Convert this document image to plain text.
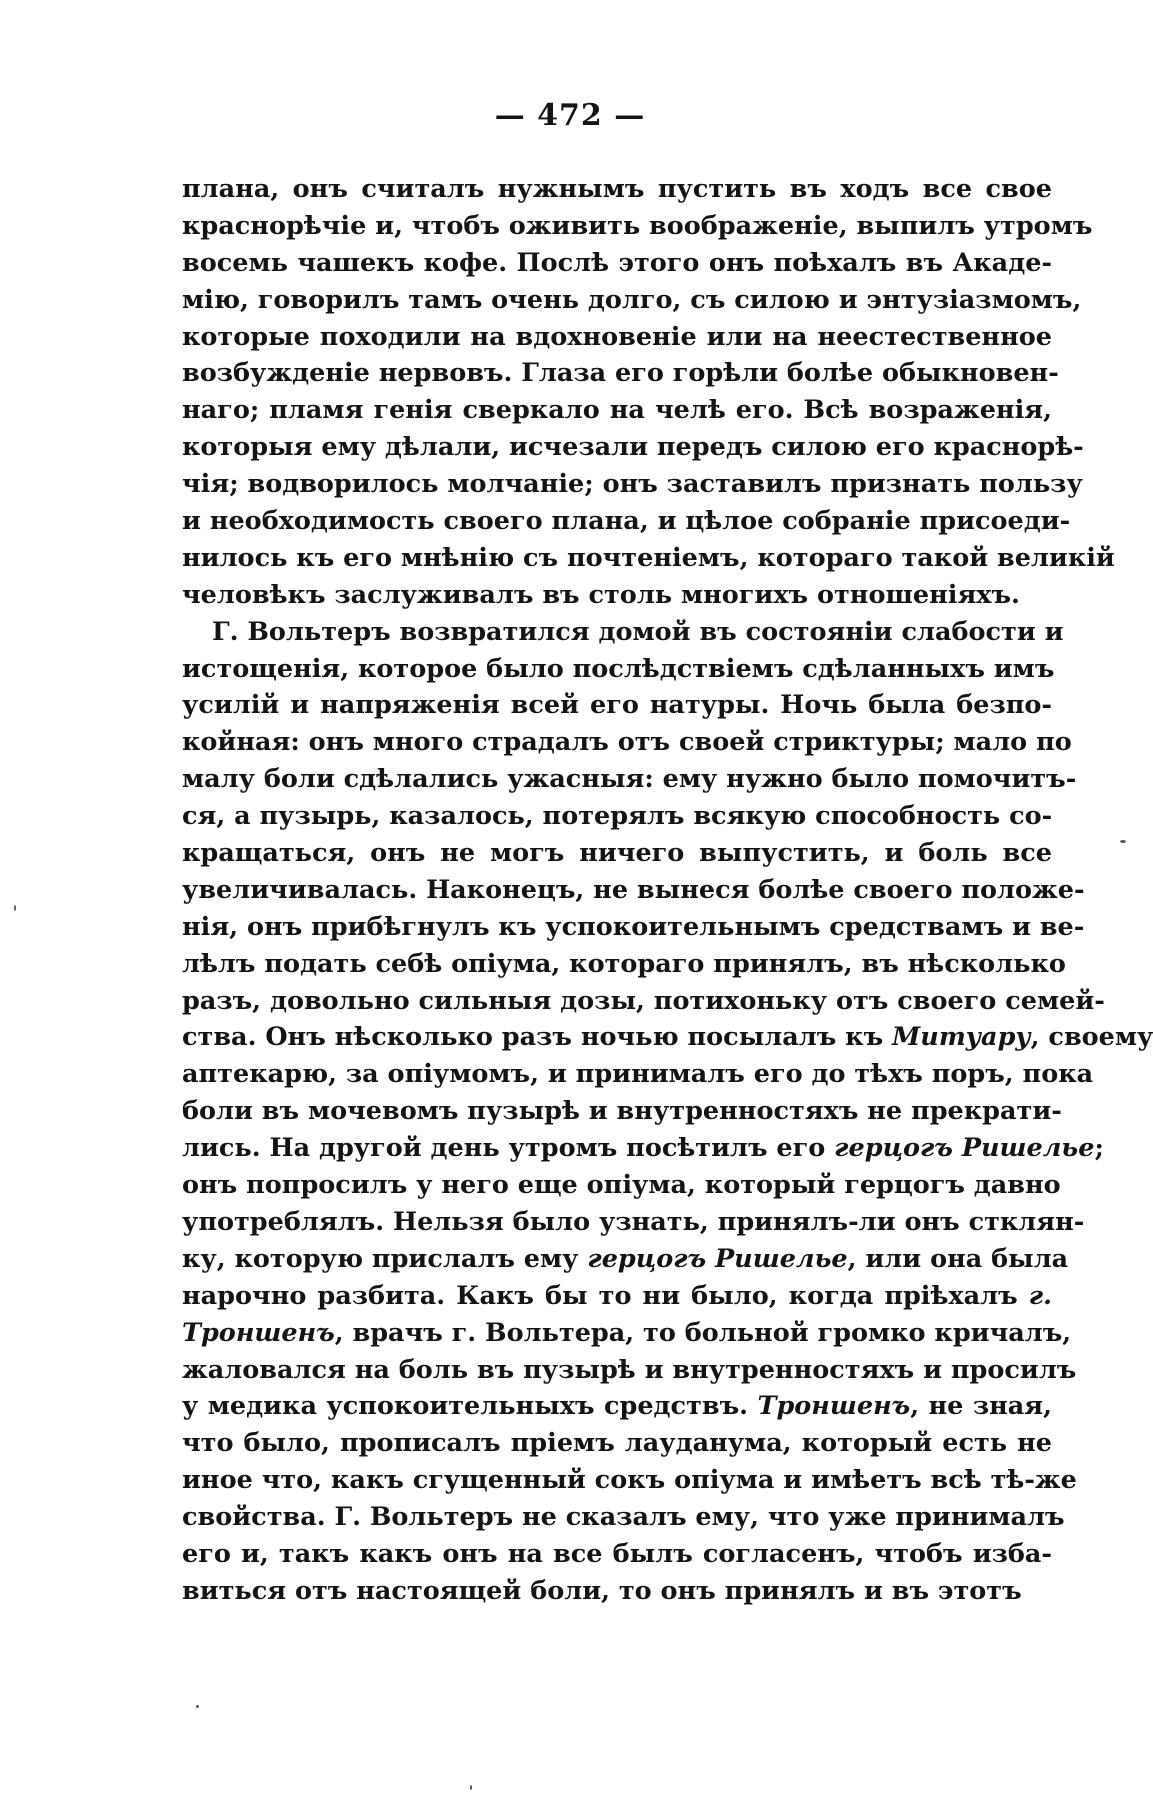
— 472 —
плана, онъ считалъ нужнымъ пустить въ ходъ все свое
краснорѣчіе и, чтобъ оживить воображеніе, выпилъ утромъ
восемь чашекъ кофе. Послѣ этого онъ поѣхалъ въ Акаде-
мію, говорилъ тамъ очень долго, съ силою и энтузіазмомъ,
которые походили на вдохновеніе или на неестественное
возбужденіе нервовъ. Глаза его горѣли болѣе обыкновен-
наго; пламя генія сверкало на челѣ его. Всѣ возраженія,
которыя ему дѣлали, исчезали передъ силою его краснорѣ-
чія; водворилось молчаніе; онъ заставилъ признать пользу
и необходимость своего плана, и цѣлое собраніе присоеди-
нилось къ его мнѣнію съ почтеніемъ, котораго такой великій
человѣкъ заслуживалъ въ столь многихъ отношеніяхъ.
Г. Вольтеръ возвратился домой въ состояніи слабости и
истощенія, которое было послѣдствіемъ сдѣланныхъ имъ
усилій и напряженія всей его натуры. Ночь была безпо-
койная: онъ много страдалъ отъ своей стриктуры; мало по
малу боли сдѣлались ужасныя: ему нужно было помочитъ-
ся, а пузырь, казалось, потерялъ всякую способность со-
кращаться, онъ не могъ ничего выпустить, и боль все
увеличивалась. Наконецъ, не вынеся болѣе своего положе-
нія, онъ прибѣгнулъ къ успокоительнымъ средствамъ и ве-
лѣлъ подать себѣ опіума, котораго принялъ, въ нѣсколько
разъ, довольно сильныя дозы, потихоньку отъ своего семей-
ства. Онъ нѣсколько разъ ночью посылалъ къ Митуару, своему
аптекарю, за опіумомъ, и принималъ его до тѣхъ поръ, пока
боли въ мочевомъ пузырѣ и внутренностяхъ не прекрати-
лись. На другой день утромъ посѣтилъ его герцогъ Ришелье;
онъ попросилъ у него еще опіума, который герцогъ давно
употреблялъ. Нельзя было узнать, принялъ-ли онъ стклян-
ку, которую прислалъ ему герцогъ Ришелье, или она была
нарочно разбита. Какъ бы то ни было, когда пріѣхалъ г.
Троншенъ, врачъ г. Вольтера, то больной громко кричалъ,
жаловался на боль въ пузырѣ и внутренностяхъ и просилъ
у медика успокоительныхъ средствъ. Троншенъ, не зная,
что было, прописалъ пріемъ лауданума, который есть не
иное что, какъ сгущенный сокъ опіума и имѣетъ всѣ тѣ-же
свойства. Г. Вольтеръ не сказалъ ему, что уже принималъ
его и, такъ какъ онъ на все былъ согласенъ, чтобъ изба-
виться отъ настоящей боли, то онъ принялъ и въ этотъ
